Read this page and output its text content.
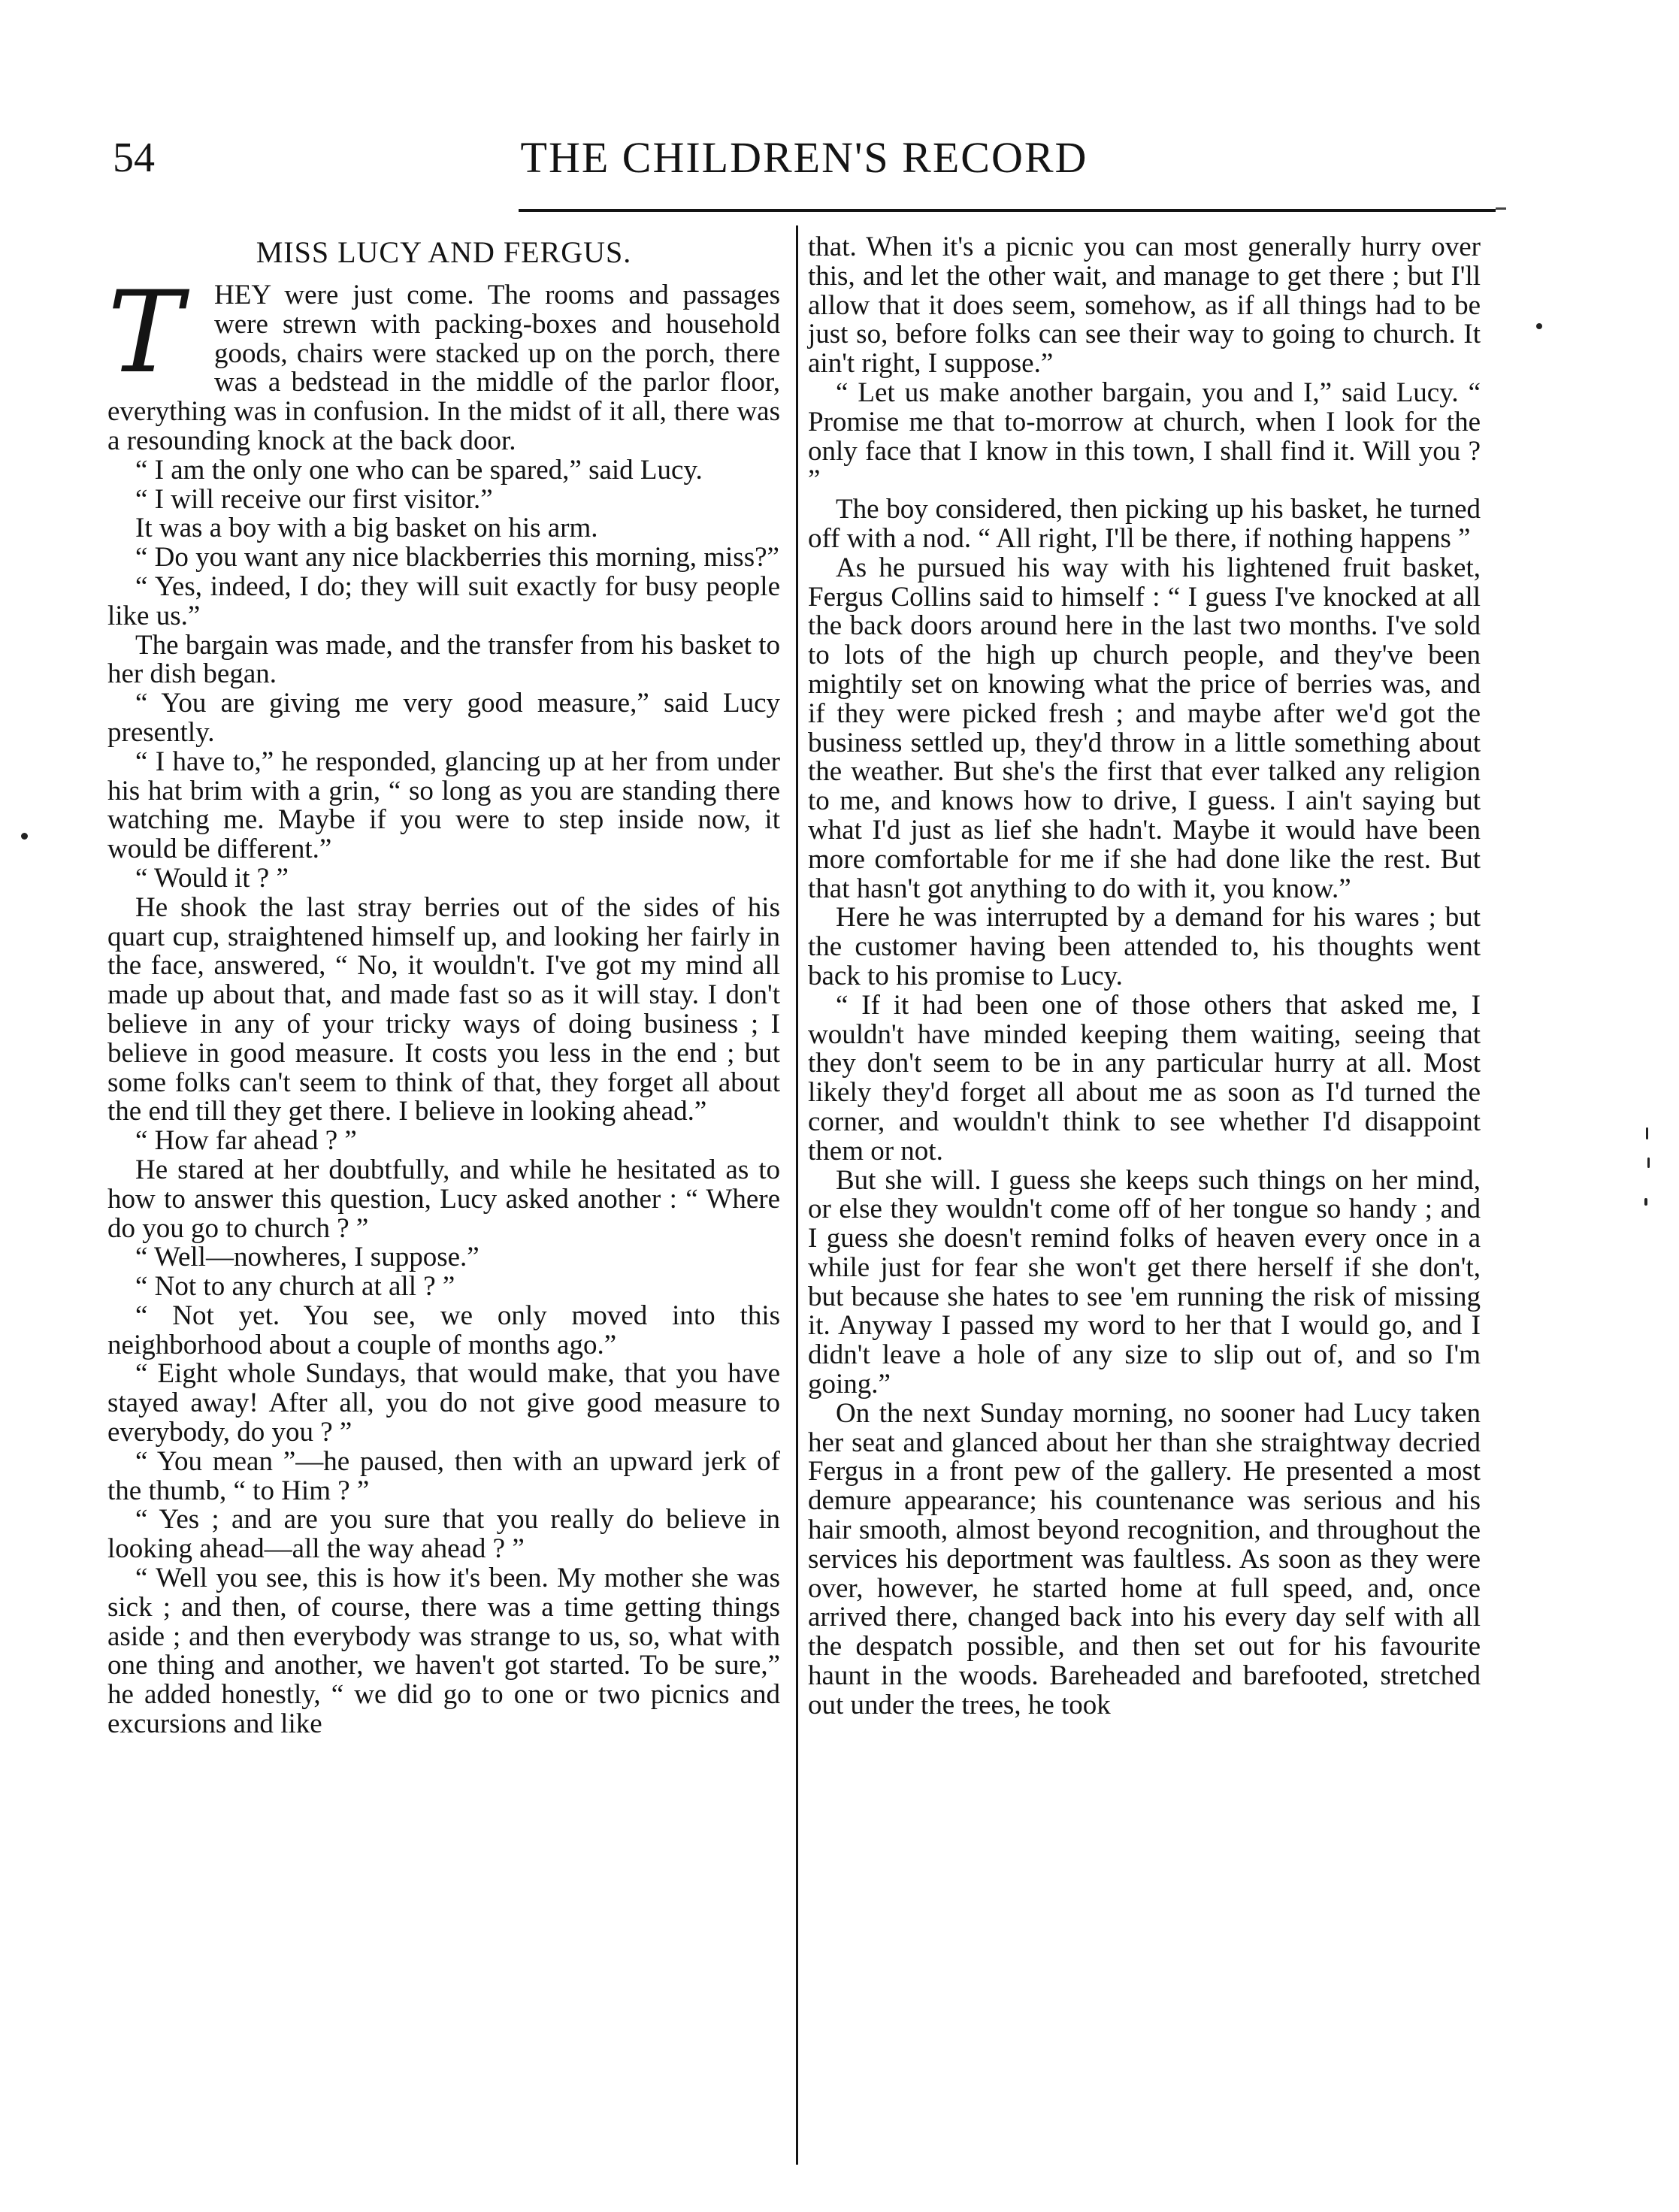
54	THE CHILDREN'S RECORD
MISS LUCY AND FERGUS.
T	HEY were just come. The rooms and passages were strewn with packing-boxes and household goods, chairs were stacked up on the porch, there was a bedstead in the middle of the parlor floor, everything was in confusion. In the midst of it all, there was a resounding knock at the back door.

“ I am the only one who can be spared,” said Lucy.

“ I will receive our first visitor.”

It was a boy with a big basket on his arm.

“ Do you want any nice blackberries this morning, miss?”

“ Yes, indeed, I do; they will suit exactly for busy people like us.”

The bargain was made, and the transfer from his basket to her dish began.

“ You are giving me very good measure,” said Lucy presently.

“ I have to,” he responded, glancing up at her from under his hat brim with a grin, “ so long as you are standing there watching me. Maybe if you were to step inside now, it would be different.”

“ Would it ? ”

He shook the last stray berries out of the sides of his quart cup, straightened himself up, and looking her fairly in the face, answered, “ No, it wouldn't. I've got my mind all made up about that, and made fast so as it will stay. I don't believe in any of your tricky ways of doing business ; I believe in good measure. It costs you less in the end ; but some folks can't seem to think of that, they forget all about the end till they get there. I believe in looking ahead.”

“ How far ahead ? ”

He stared at her doubtfully, and while he hesitated as to how to answer this question, Lucy asked another : “ Where do you go to church ? ”

“ Well—nowheres, I suppose.”

“ Not to any church at all ? ”

“ Not yet. You see, we only moved into this neighborhood about a couple of months ago.”

“ Eight whole Sundays, that would make, that you have stayed away! After all, you do not give good measure to everybody, do you ? ”

“ You mean ”—he paused, then with an upward jerk of the thumb, “ to Him ? ”

“ Yes ; and are you sure that you really do believe in looking ahead—all the way ahead ? ”

“ Well you see, this is how it's been. My mother she was sick ; and then, of course, there was a time getting things aside ; and then everybody was strange to us, so, what with one thing and another, we haven't got started. To be sure,” he added honestly, “ we did go to one or two picnics and excursions and like

that. When it's a picnic you can most generally hurry over this, and let the other wait, and manage to get there ; but I'll allow that it does seem, somehow, as if all things had to be just so, before folks can see their way to going to church. It ain't right, I suppose.”

“ Let us make another bargain, you and I,” said Lucy. “ Promise me that to-morrow at church, when I look for the only face that I know in this town, I shall find it. Will you ? ”

The boy considered, then picking up his basket, he turned off with a nod. “ All right, I'll be there, if nothing happens ”

As he pursued his way with his lightened fruit basket, Fergus Collins said to himself : “ I guess I've knocked at all the back doors around here in the last two months. I've sold to lots of the high up church people, and they've been mightily set on knowing what the price of berries was, and if they were picked fresh ; and maybe after we'd got the business settled up, they'd throw in a little something about the weather. But she's the first that ever talked any religion to me, and knows how to drive, I guess. I ain't saying but what I'd just as lief she hadn't. Maybe it would have been more comfortable for me if she had done like the rest. But that hasn't got anything to do with it, you know.”

Here he was interrupted by a demand for his wares ; but the customer having been attended to, his thoughts went back to his promise to Lucy.

“ If it had been one of those others that asked me, I wouldn't have minded keeping them waiting, seeing that they don't seem to be in any particular hurry at all. Most likely they'd forget all about me as soon as I'd turned the corner, and wouldn't think to see whether I'd disappoint them or not.

But she will. I guess she keeps such things on her mind, or else they wouldn't come off of her tongue so handy ; and I guess she doesn't remind folks of heaven every once in a while just for fear she won't get there herself if she don't, but because she hates to see 'em running the risk of missing it. Anyway I passed my word to her that I would go, and I didn't leave a hole of any size to slip out of, and so I'm going.”

On the next Sunday morning, no sooner had Lucy taken her seat and glanced about her than she straightway decried Fergus in a front pew of the gallery. He presented a most demure appearance; his countenance was serious and his hair smooth, almost beyond recognition, and throughout the services his deportment was faultless. As soon as they were over, however, he started home at full speed, and, once arrived there, changed back into his every day self with all the despatch possible, and then set out for his favourite haunt in the woods. Bareheaded and barefooted, stretched out under the trees, he took
